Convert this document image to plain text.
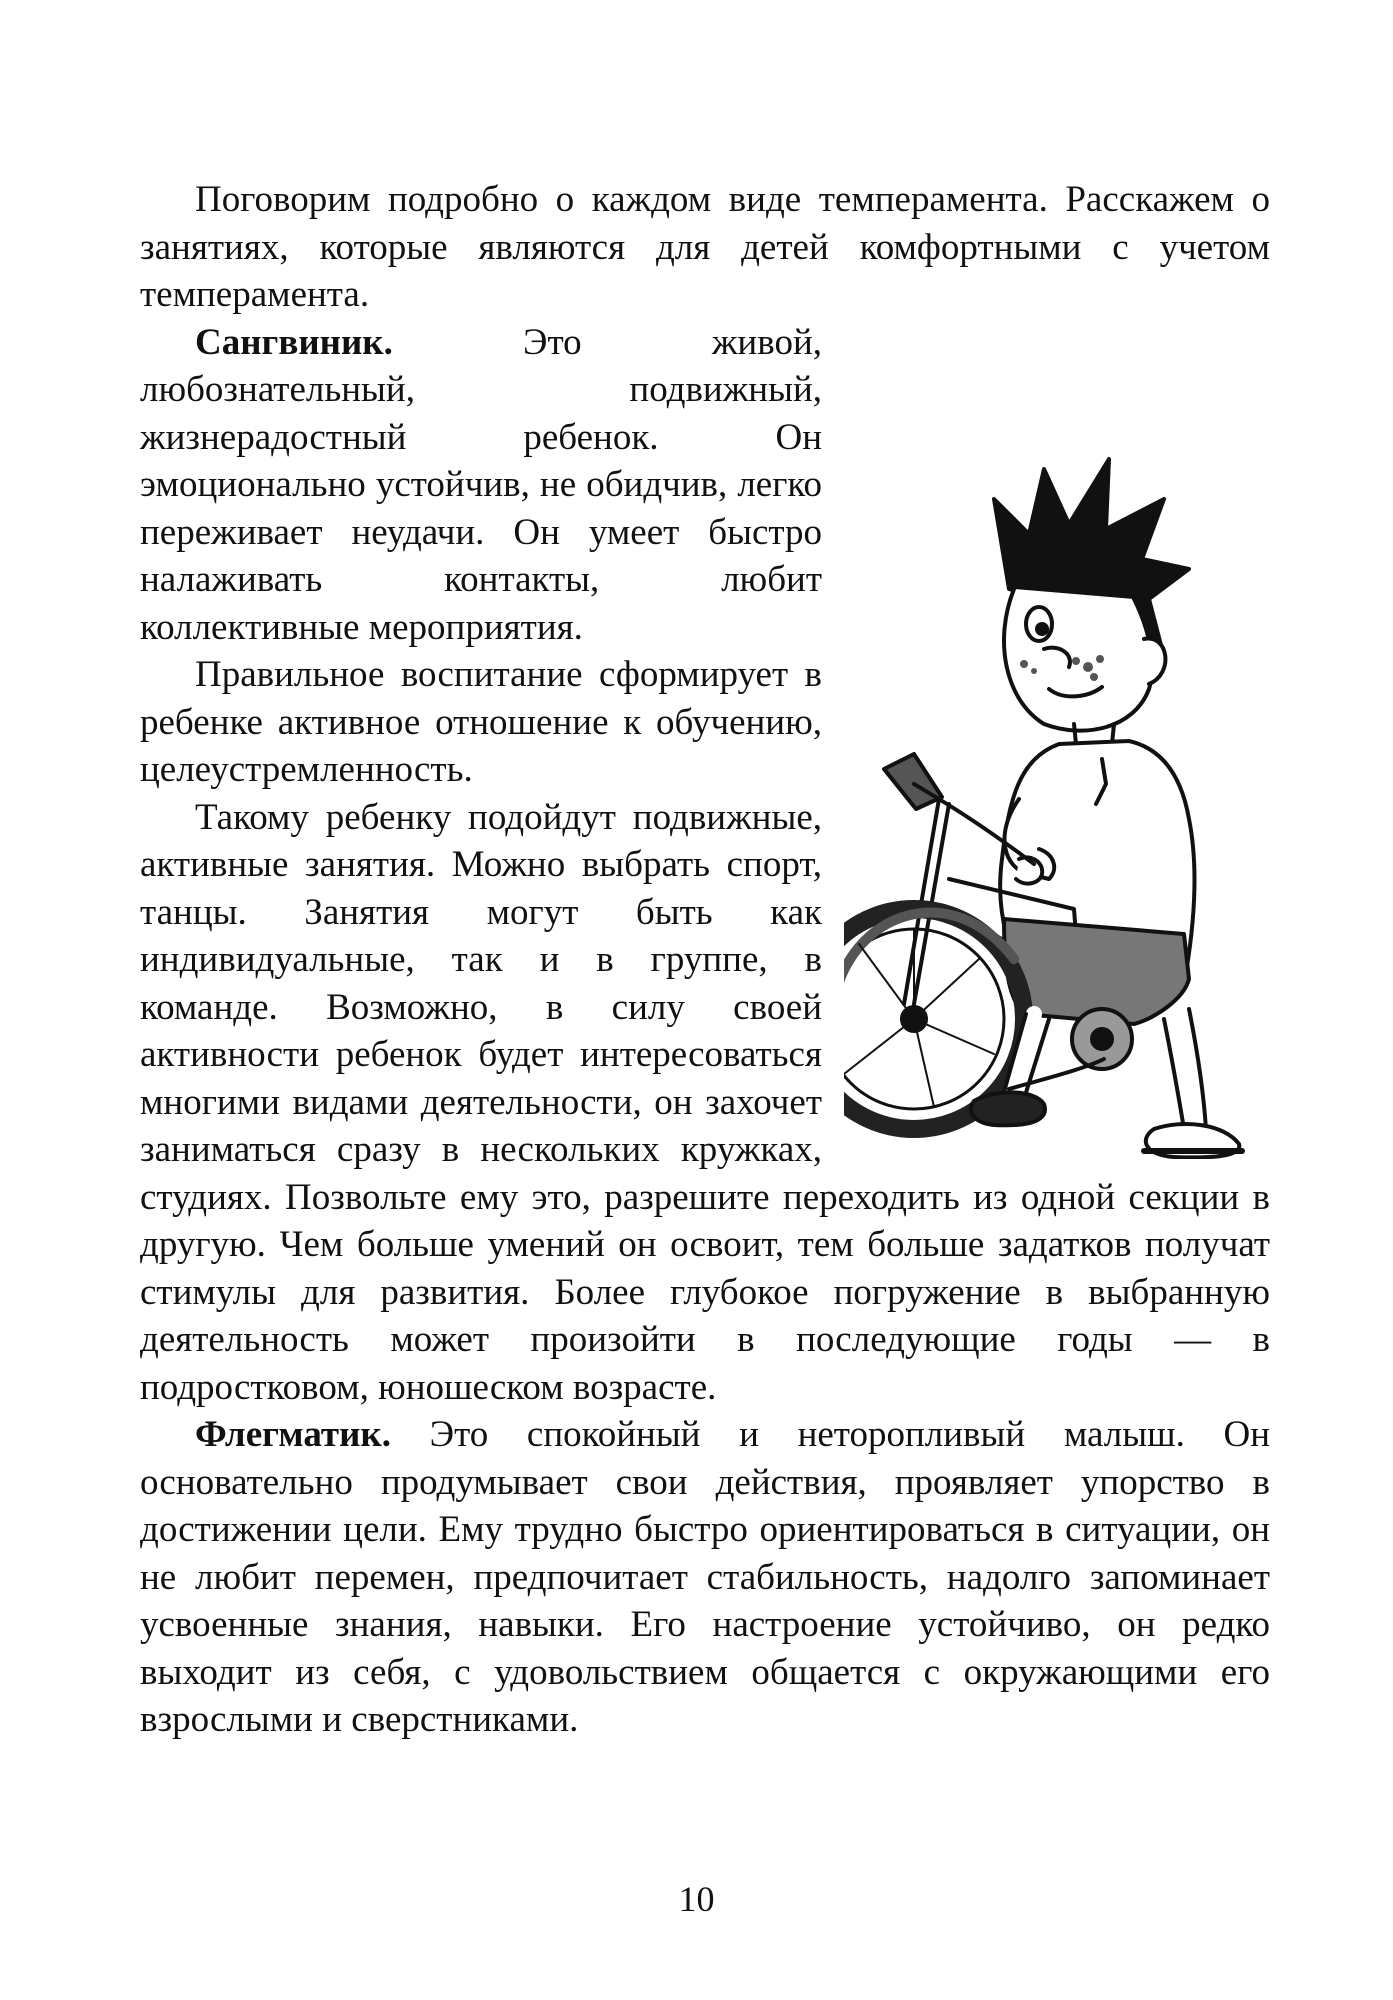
Поговорим подробно о каждом виде темперамента. Расскажем о занятиях, которые являются для детей комфортными с учетом темперамента.

Сангвиник. Это живой, любознательный, подвижный, жизнерадостный ребенок. Он эмоционально устойчив, не обидчив, легко переживает неудачи. Он умеет быстро налаживать контакты, любит коллективные мероприятия.

Правильное воспитание сформирует в ребенке активное отношение к обучению, целеустремленность.

Такому ребенку подойдут подвижные, активные занятия. Можно выбрать спорт, танцы. Занятия могут быть как индивидуальные, так и в группе, в команде. Возможно, в силу своей активности ребенок будет интересоваться многими видами деятельности, он захочет заниматься сразу в нескольких кружках, студиях. Позвольте ему это, разрешите переходить из одной секции в другую. Чем больше умений он освоит, тем больше задатков получат стимулы для развития. Более глубокое погружение в выбранную деятельность может произойти в последующие годы — в подростковом, юношеском возрасте.

Флегматик. Это спокойный и неторопливый малыш. Он основательно продумывает свои действия, проявляет упорство в достижении цели. Ему трудно быстро ориентироваться в ситуации, он не любит перемен, предпочитает стабильность, надолго запоминает усвоенные знания, навыки. Его настроение устойчиво, он редко выходит из себя, с удовольствием общается с окружающими его взрослыми и сверстниками.

10
